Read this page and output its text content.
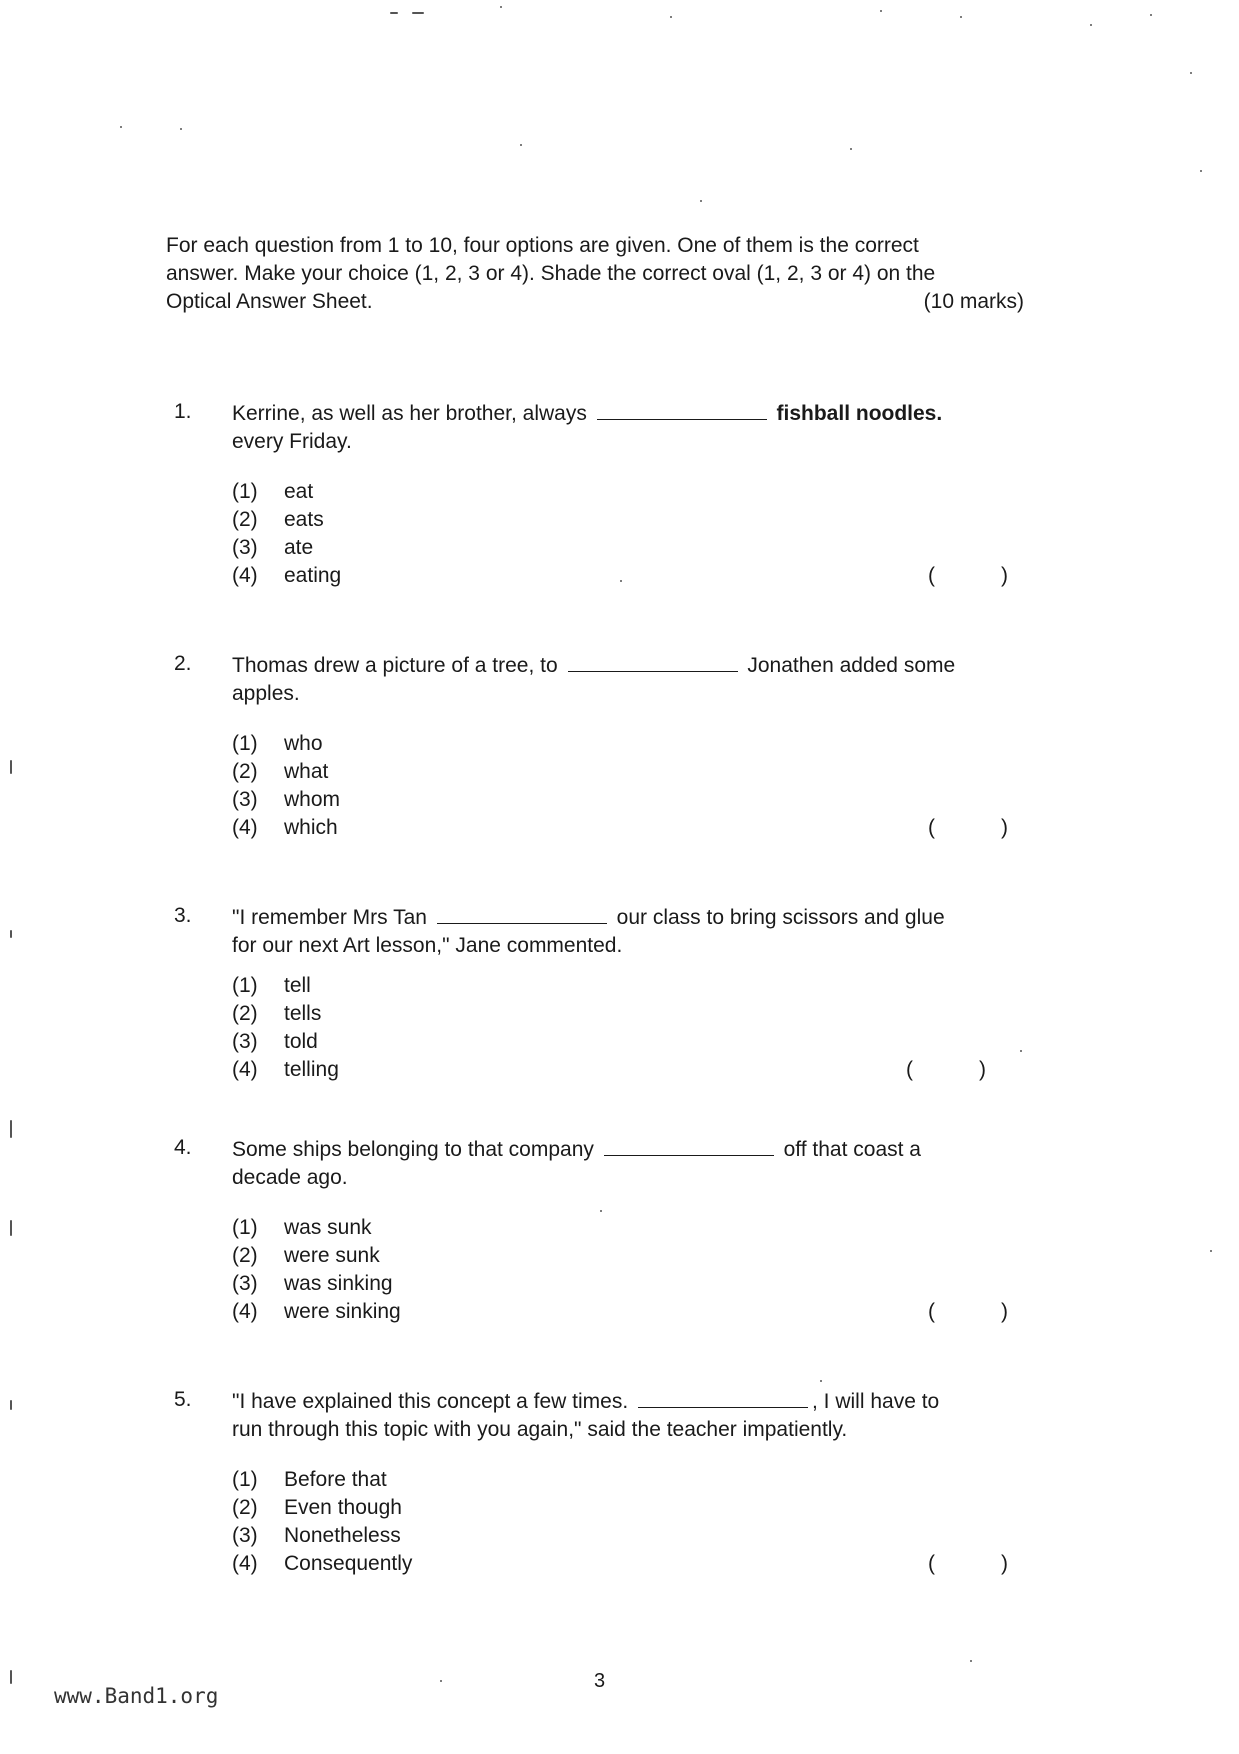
For each question from 1 to 10, four options are given. One of them is the correct
answer. Make your choice (1, 2, 3 or 4). Shade the correct oval (1, 2, 3 or 4) on the
Optical Answer Sheet.	(10 marks)
1.	Kerrine, as well as her brother, always	fishball noodles.
every Friday.
(1)	eat
(2)	eats
(3)	ate
(4)	eating	(	)
2.	Thomas drew a picture of a tree, to	Jonathen added some
apples.
(1)	who
(2)	what
(3)	whom
(4)	which	(	)
3.	"I remember Mrs Tan	our class to bring scissors and glue
for our next Art lesson," Jane commented.
(1)	tell
(2)	tells
(3)	told
(4)	telling	(	)
4.	Some ships belonging to that company	off that coast a
decade ago.
(1)	was sunk
(2)	were sunk
(3)	was sinking
(4)	were sinking	(	)
5.	"I have explained this concept a few times.	, I will have to
run through this topic with you again," said the teacher impatiently.
(1)	Before that
(2)	Even though
(3)	Nonetheless
(4)	Consequently	(	)
3
www.Band1.org
